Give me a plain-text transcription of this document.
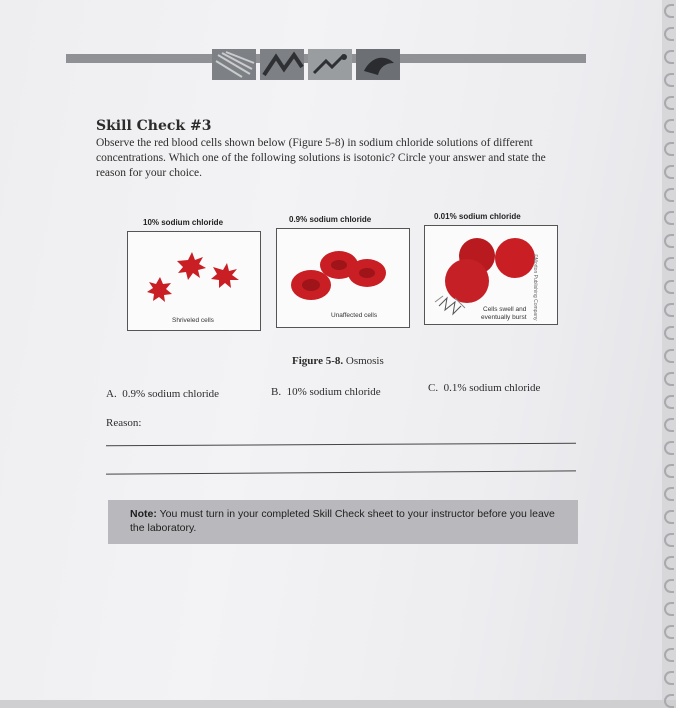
Skill Check #3
Observe the red blood cells shown below (Figure 5-8) in sodium chloride solutions of different concentrations. Which one of the following solutions is isotonic? Circle your answer and state the reason for your choice.
10% sodium chloride	0.9% sodium chloride	0.01% sodium chloride
Shriveled cells
Unaffected cells
Cells swell and
eventually burst ©Morton Publishing Company
Figure 5-8. Osmosis
A. 0.9% sodium chloride	B. 10% sodium chloride	C. 0.1% sodium chloride
Reason:
Note: You must turn in your completed Skill Check sheet to your instructor before you leave the laboratory.
